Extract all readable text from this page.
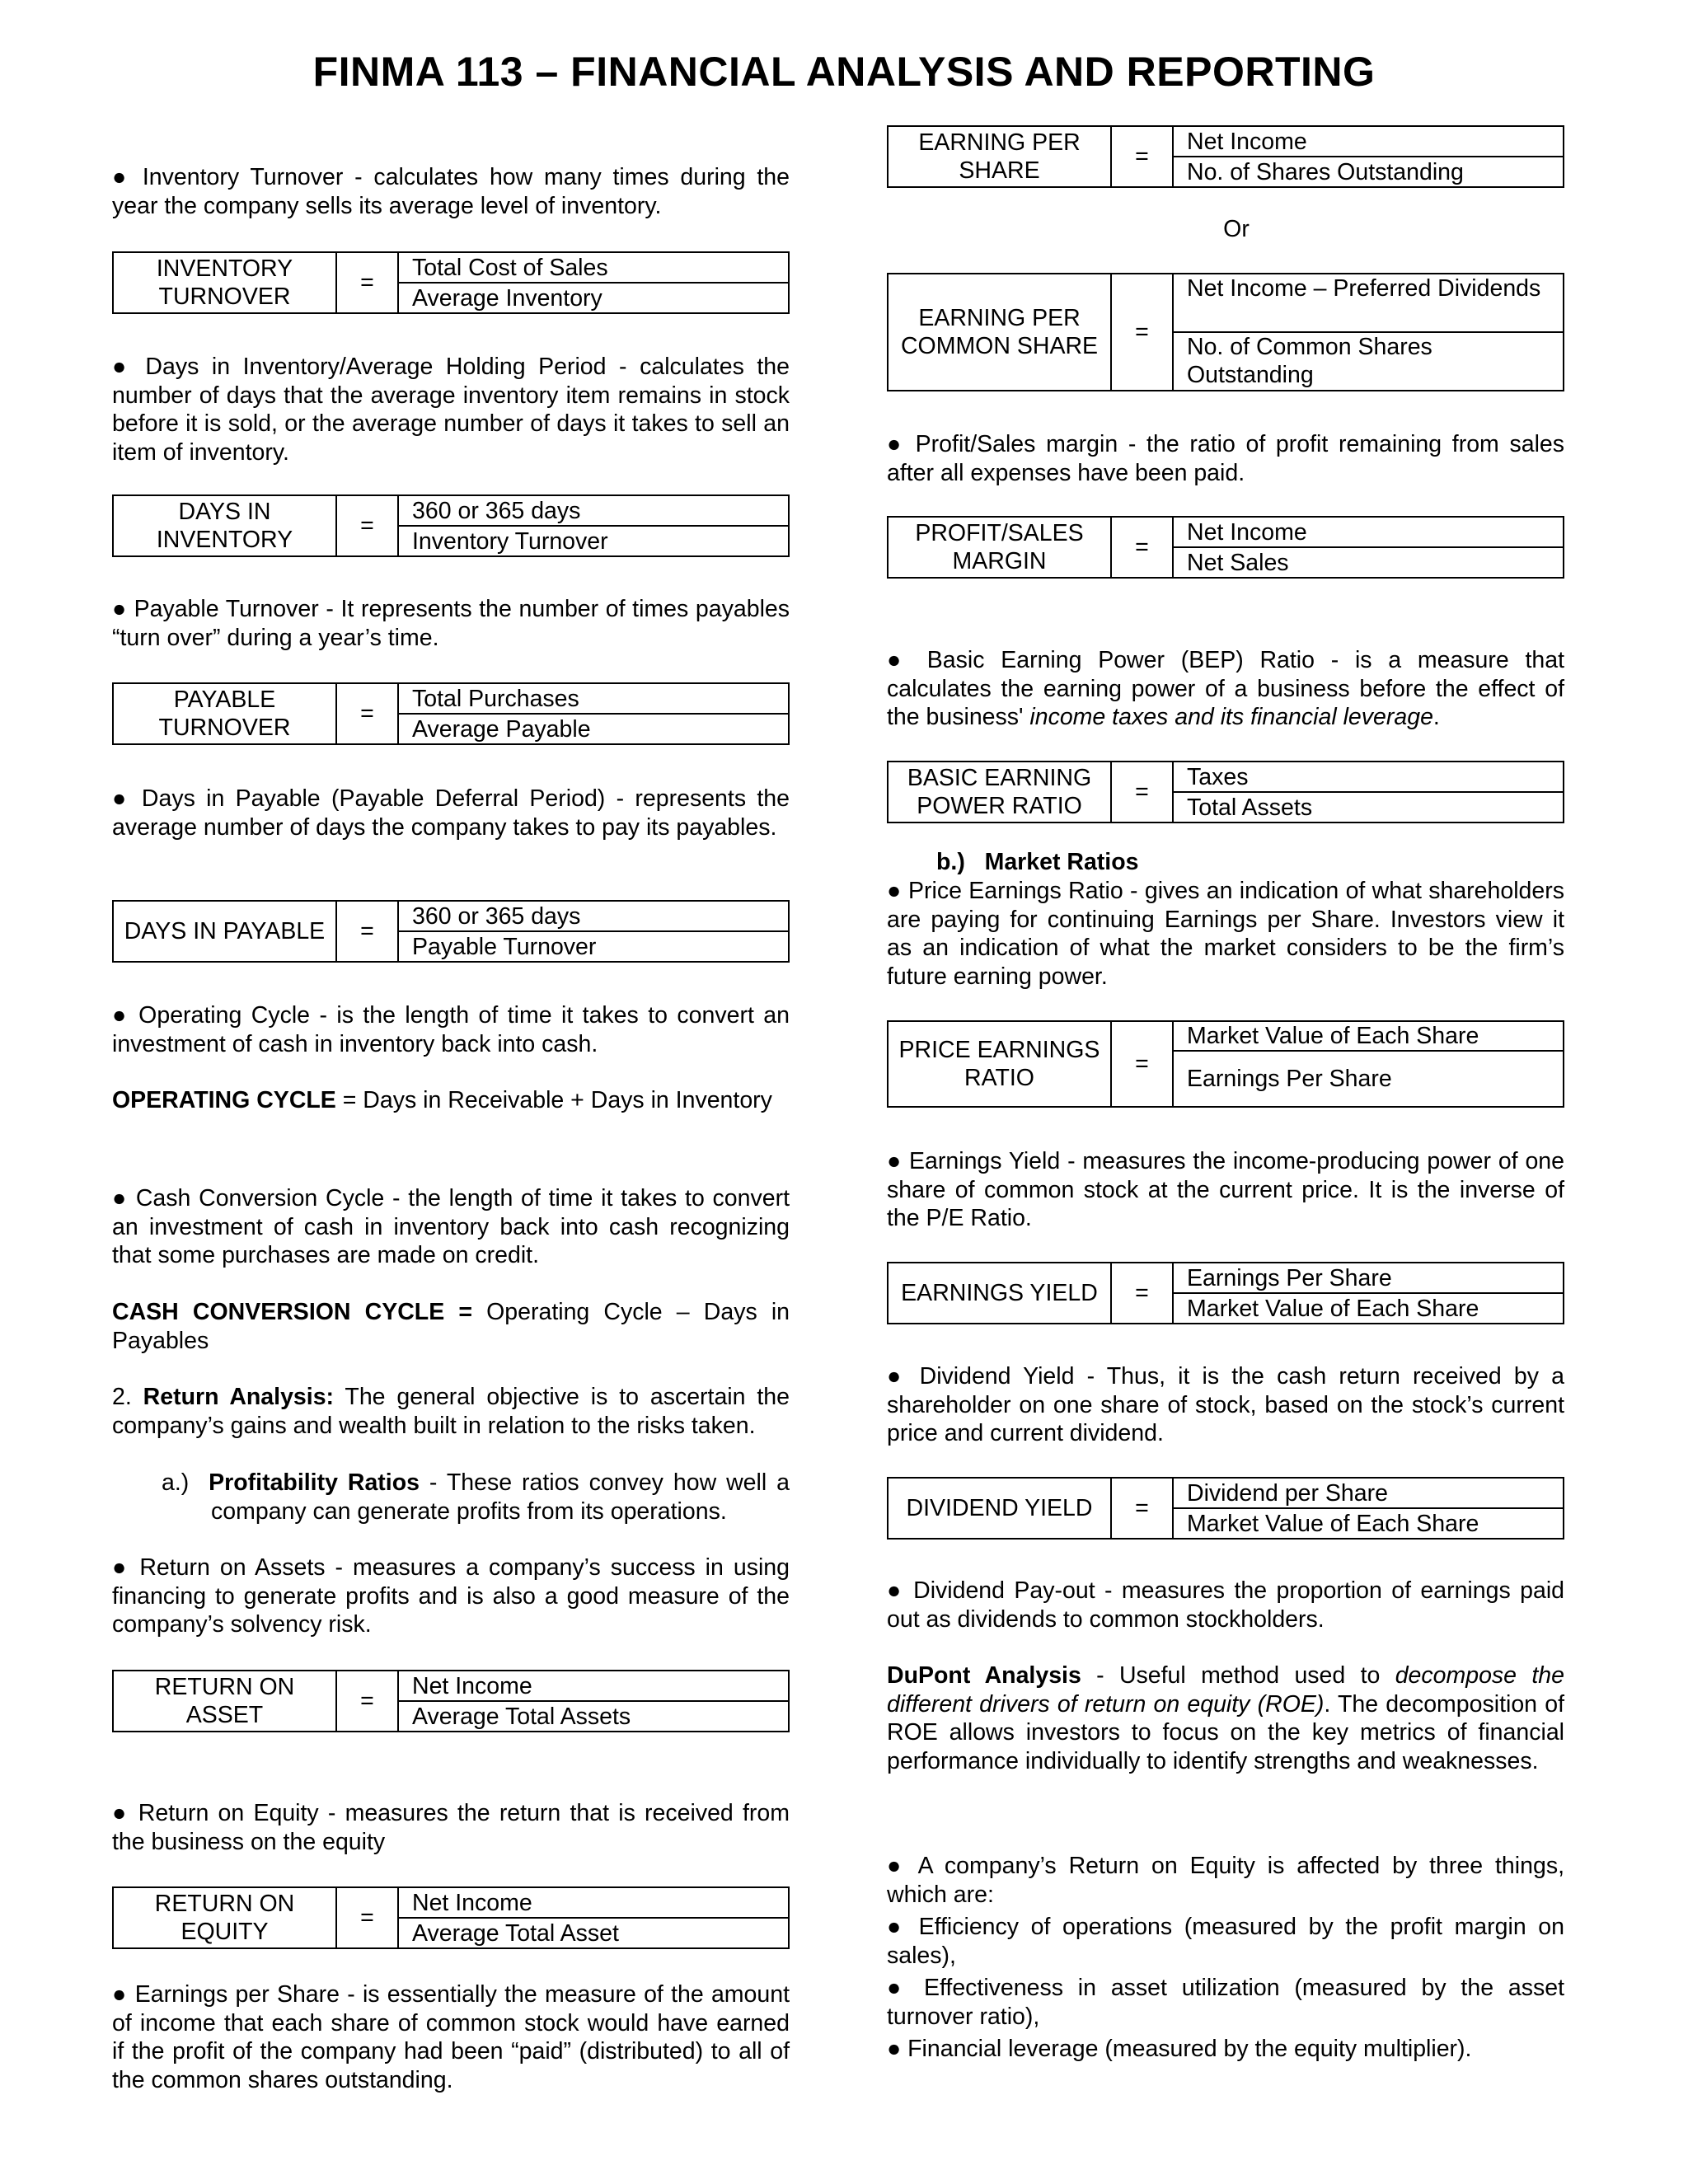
FINMA 113 – FINANCIAL ANALYSIS AND REPORTING
● Inventory Turnover - calculates how many times during the year the company sells its average level of inventory.
INVENTORY TURNOVER
=	$\frac{\text{Total Cost of Sales}}{\text{Average Inventory}}$
● Days in Inventory/Average Holding Period - calculates the number of days that the average inventory item remains in stock before it is sold, or the average number of days it takes to sell an item of inventory.
DAYS IN INVENTORY
=	$\frac{\text{360 or 365 days}}{\text{Inventory Turnover}}$
● Payable Turnover - It represents the number of times payables “turn over” during a year’s time.
PAYABLE TURNOVER
=	$\frac{\text{Total Purchases}}{\text{Average Payable}}$
● Days in Payable (Payable Deferral Period) - represents the average number of days the company takes to pay its payables.
DAYS IN PAYABLE	=	$\frac{\text{360 or 365 days}}{\text{Payable Turnover}}$
● Operating Cycle - is the length of time it takes to convert an investment of cash in inventory back into cash.
OPERATING CYCLE = Days in Receivable + Days in Inventory
● Cash Conversion Cycle - the length of time it takes to convert an investment of cash in inventory back into cash recognizing that some purchases are made on credit.
CASH CONVERSION CYCLE = Operating Cycle – Days in Payables
2. Return Analysis: The general objective is to ascertain the company’s gains and wealth built in relation to the risks taken.
a.) Profitability Ratios - These ratios convey how well a company can generate profits from its operations.
● Return on Assets - measures a company’s success in using financing to generate profits and is also a good measure of the company’s solvency risk.
RETURN ON ASSET
=	$\frac{\text{Net Income}}{\text{Average Total Assets}}$
● Return on Equity - measures the return that is received from the business on the equity
RETURN ON EQUITY
=	$\frac{\text{Net Income}}{\text{Average Total Asset}}$
● Earnings per Share - is essentially the measure of the amount of income that each share of common stock would have earned if the profit of the company had been “paid” (distributed) to all of the common shares outstanding.
EARNING PER SHARE
=	$\frac{\text{Net Income}}{\text{No. of Shares Outstanding}}$
Or
EARNING PER COMMON SHARE
=	$\frac{\text{Net Income – Preferred Dividends}}{\text{No. of Common Shares Outstanding}}$
● Profit/Sales margin - the ratio of profit remaining from sales after all expenses have been paid.
PROFIT/SALES MARGIN
=	$\frac{\text{Net Income}}{\text{Net Sales}}$
● Basic Earning Power (BEP) Ratio - is a measure that calculates the earning power of a business before the effect of the business' income taxes and its financial leverage.
BASIC EARNING POWER RATIO
=	$\frac{\text{Taxes}}{\text{Total Assets}}$
b.) Market Ratios
● Price Earnings Ratio - gives an indication of what shareholders are paying for continuing Earnings per Share. Investors view it as an indication of what the market considers to be the firm’s future earning power.
PRICE EARNINGS RATIO
=	$\frac{\text{Market Value of Each Share}}{\text{Earnings Per Share}}$
● Earnings Yield - measures the income-producing power of one share of common stock at the current price. It is the inverse of the P/E Ratio.
EARNINGS YIELD	=	$\frac{\text{Earnings Per Share}}{\text{Market Value of Each Share}}$
● Dividend Yield - Thus, it is the cash return received by a shareholder on one share of stock, based on the stock’s current price and current dividend.
DIVIDEND YIELD	=	$\frac{\text{Dividend per Share}}{\text{Market Value of Each Share}}$
● Dividend Pay-out - measures the proportion of earnings paid out as dividends to common stockholders.
DuPont Analysis - Useful method used to decompose the different drivers of return on equity (ROE). The decomposition of ROE allows investors to focus on the key metrics of financial performance individually to identify strengths and weaknesses.
● A company’s Return on Equity is affected by three things, which are:
● Efficiency of operations (measured by the profit margin on sales),
● Effectiveness in asset utilization (measured by the asset turnover ratio),
● Financial leverage (measured by the equity multiplier).
